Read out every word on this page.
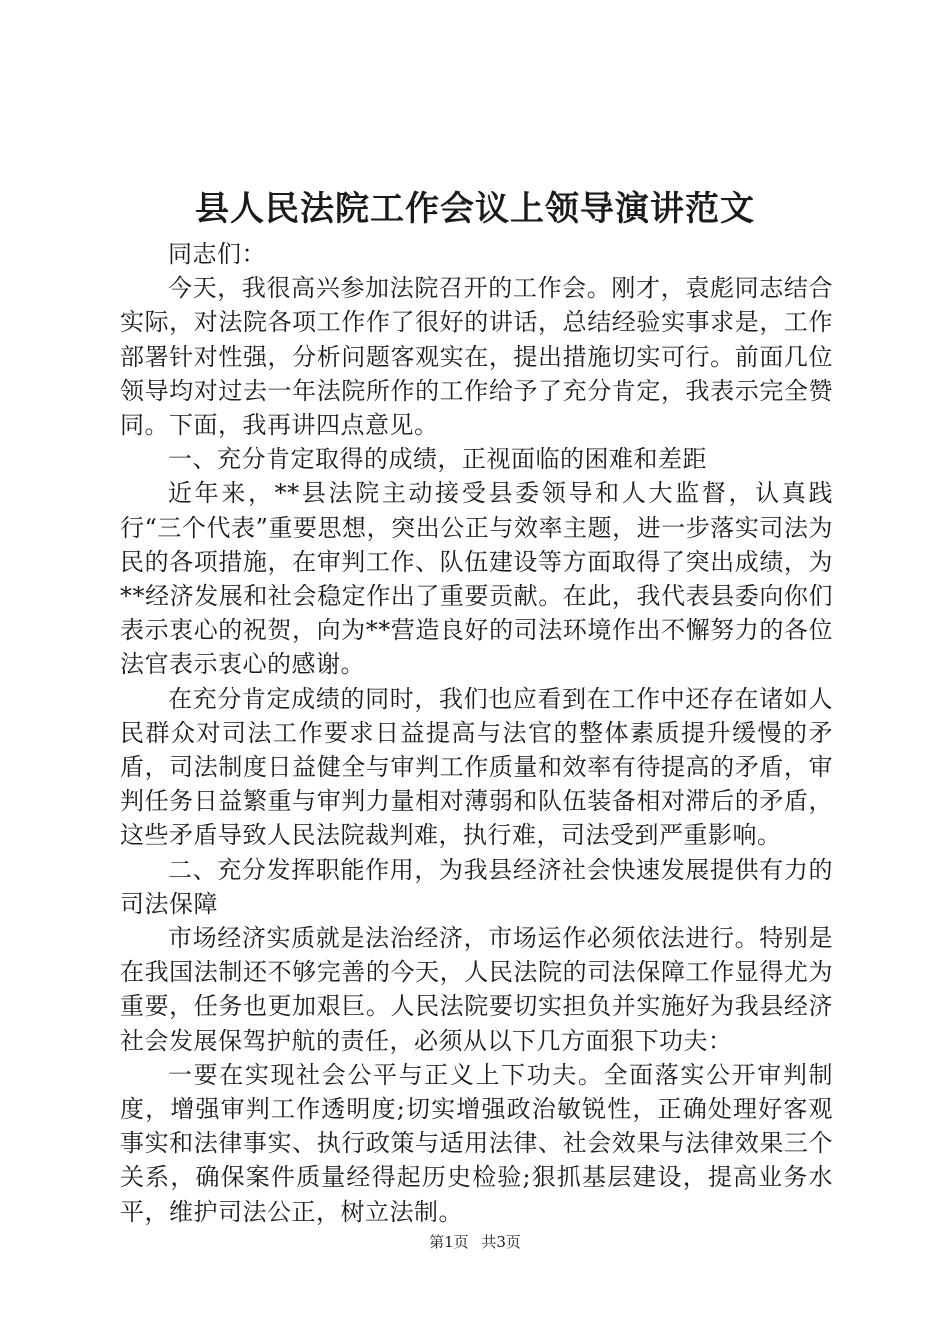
县人民法院工作会议上领导演讲范文

同志们：

今天，我很高兴参加法院召开的工作会。刚才，袁彪同志结合实际，对法院各项工作作了很好的讲话，总结经验实事求是，工作部署针对性强，分析问题客观实在，提出措施切实可行。前面几位领导均对过去一年法院所作的工作给予了充分肯定，我表示完全赞同。下面，我再讲四点意见。

一、充分肯定取得的成绩，正视面临的困难和差距

近年来，**县法院主动接受县委领导和人大监督，认真践行“三个代表”重要思想，突出公正与效率主题，进一步落实司法为民的各项措施，在审判工作、队伍建设等方面取得了突出成绩，为**经济发展和社会稳定作出了重要贡献。在此，我代表县委向你们表示衷心的祝贺，向为**营造良好的司法环境作出不懈努力的各位法官表示衷心的感谢。

在充分肯定成绩的同时，我们也应看到在工作中还存在诸如人民群众对司法工作要求日益提高与法官的整体素质提升缓慢的矛盾，司法制度日益健全与审判工作质量和效率有待提高的矛盾，审判任务日益繁重与审判力量相对薄弱和队伍装备相对滞后的矛盾，这些矛盾导致人民法院裁判难，执行难，司法受到严重影响。

二、充分发挥职能作用，为我县经济社会快速发展提供有力的司法保障

市场经济实质就是法治经济，市场运作必须依法进行。特别是在我国法制还不够完善的今天，人民法院的司法保障工作显得尤为重要，任务也更加艰巨。人民法院要切实担负并实施好为我县经济社会发展保驾护航的责任，必须从以下几方面狠下功夫：

一要在实现社会公平与正义上下功夫。全面落实公开审判制度，增强审判工作透明度;切实增强政治敏锐性，正确处理好客观事实和法律事实、执行政策与适用法律、社会效果与法律效果三个关系，确保案件质量经得起历史检验;狠抓基层建设，提高业务水平，维护司法公正，树立法制。

第1页 共3页
